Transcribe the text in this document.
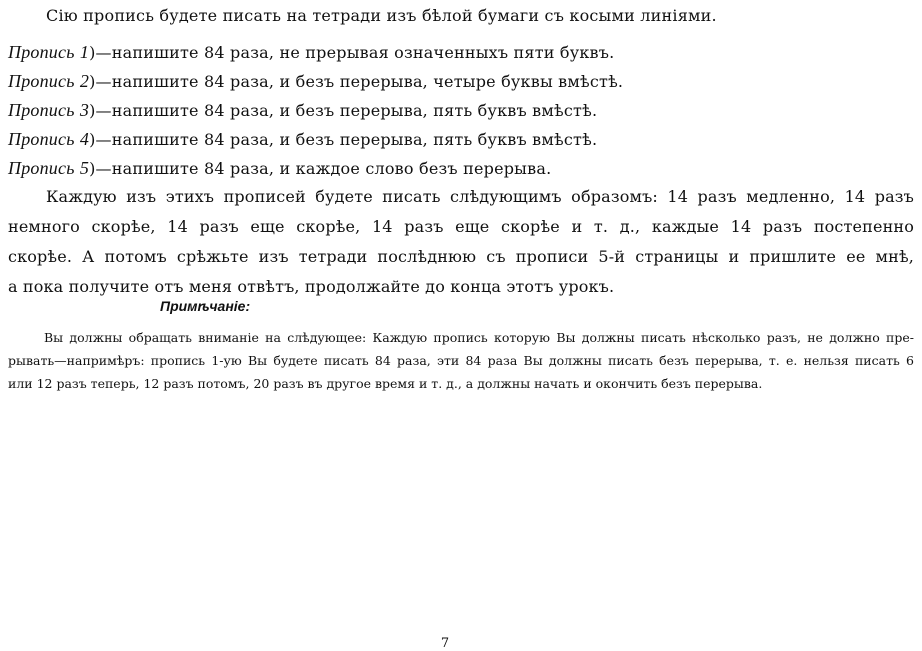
Сію пропись будете писать на тетради изъ бѣлой бумаги съ косыми линіями.
Пропись 1)—напишите 84 раза, не прерывая означенныхъ пяти буквъ.
Пропись 2)—напишите 84 раза, и безъ перерыва, четыре буквы вмѣстѣ.
Пропись 3)—напишите 84 раза, и безъ перерыва, пять буквъ вмѣстѣ.
Пропись 4)—напишите 84 раза, и безъ перерыва, пять буквъ вмѣстѣ.
Пропись 5)—напишите 84 раза, и каждое слово безъ перерыва.
Каждую изъ этихъ прописей будете писать слѣдующимъ образомъ: 14 разъ медленно, 14 разъ
немного скорѣе, 14 разъ еще скорѣе, 14 разъ еще скорѣе и т. д., каждые 14 разъ постепенно
скорѣе. А потомъ срѣжьте изъ тетради послѣднюю съ прописи 5-й страницы и пришлите ее мнѣ,
а пока получите отъ меня отвѣтъ, продолжайте до конца этотъ урокъ.
Примѣчаніе:
Вы должны обращать вниманіе на слѣдующее: Каждую пропись которую Вы должны писать нѣсколько разъ, не должно пре-
рывать—напримѣръ: пропись 1-ую Вы будете писать 84 раза, эти 84 раза Вы должны писать безъ перерыва, т. е. нельзя писать 6
или 12 разъ теперь, 12 разъ потомъ, 20 разъ въ другое время и т. д., а должны начать и окончить безъ перерыва.
7
